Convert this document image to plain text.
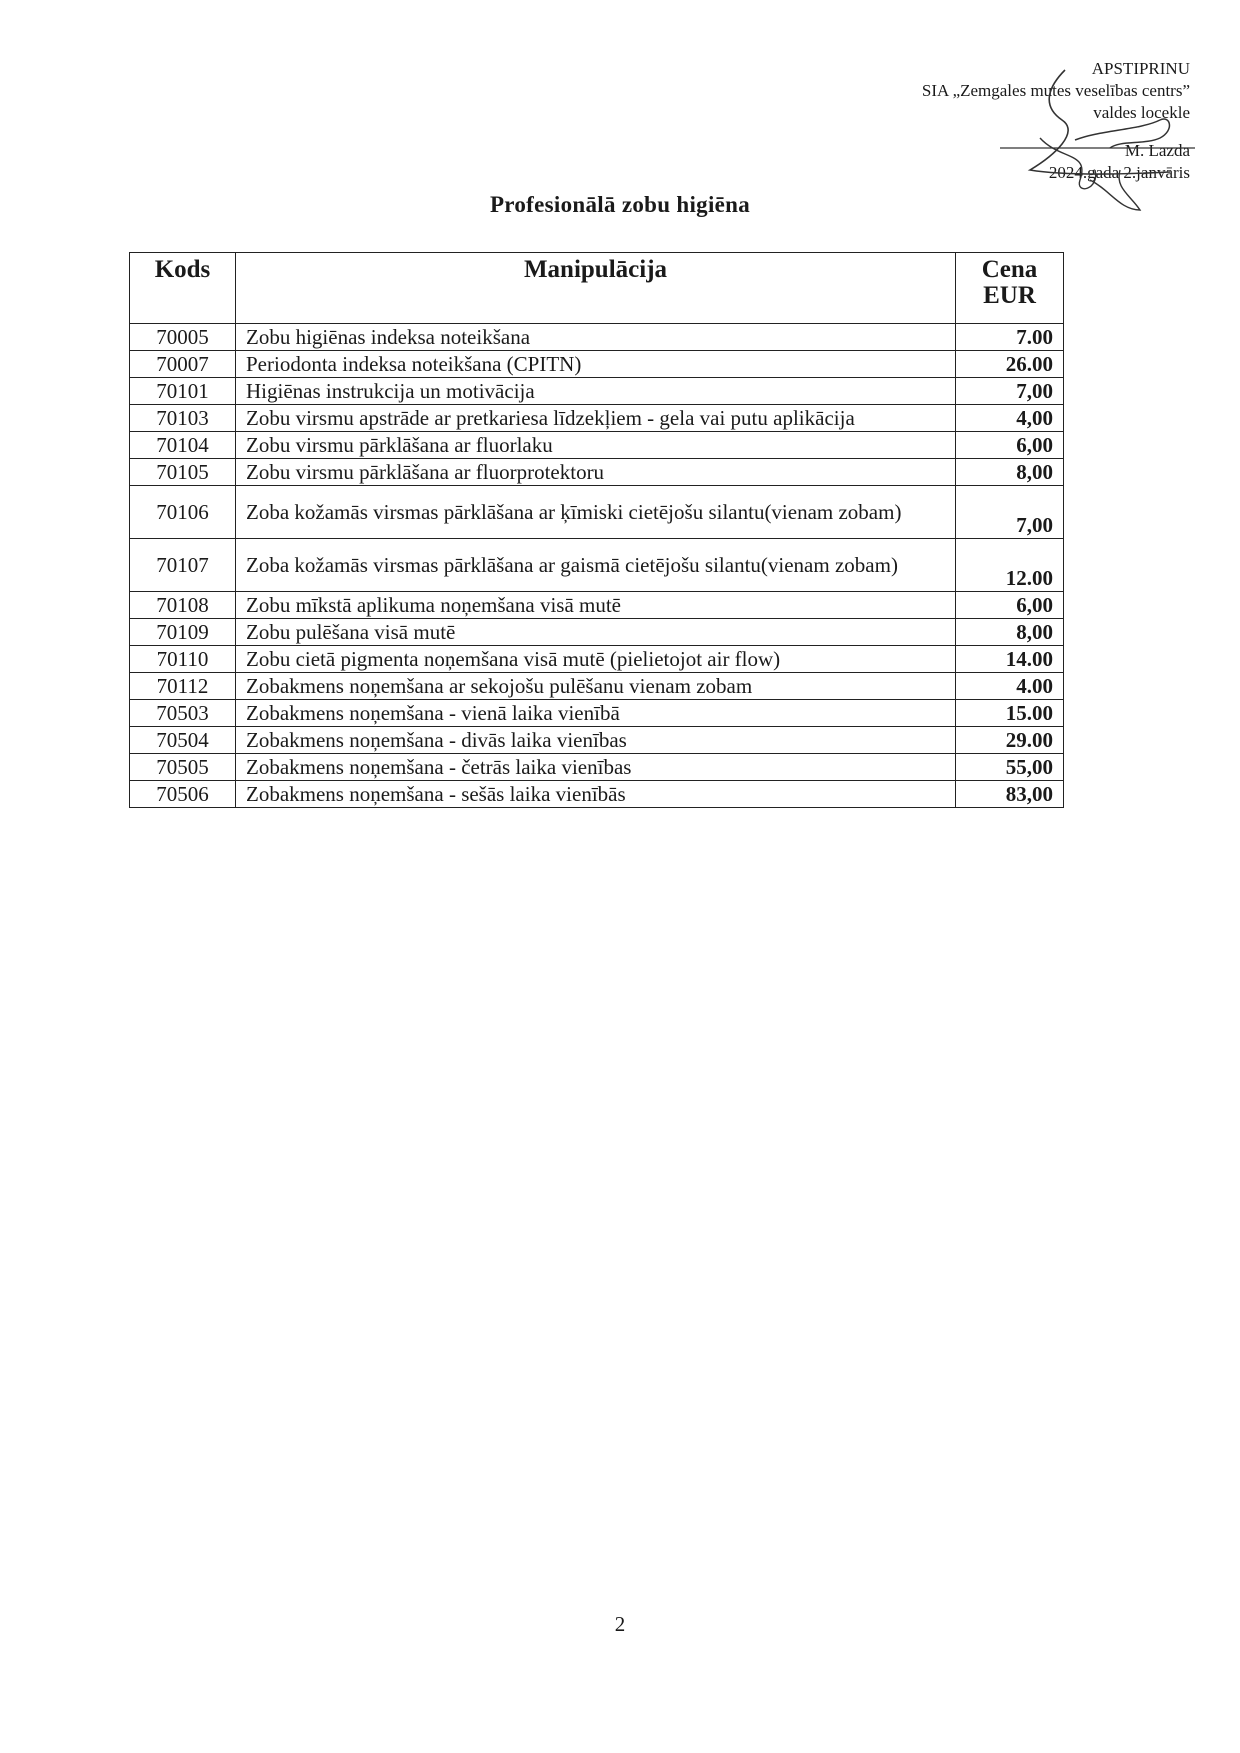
APSTIPRINU
SIA „Zemgales mutes veselības centrs”
valdes locekle
M. Lazda
2024.gada 2.janvāris
Profesionālā zobu higiēna
Kods	Manipulācija	Cena
EUR
70005	Zobu higiēnas indeksa noteikšana	7.00
70007	Periodonta indeksa noteikšana (CPITN)	26.00
70101	Higiēnas instrukcija un motivācija	7,00
70103	Zobu virsmu apstrāde ar pretkariesa līdzekļiem - gela vai putu aplikācija	4,00
70104	Zobu virsmu pārklāšana ar fluorlaku	6,00
70105	Zobu virsmu pārklāšana ar fluorprotektoru	8,00
70106	Zoba kožamās virsmas pārklāšana ar ķīmiski cietējošu silantu(vienam zobam)	7,00
70107	Zoba kožamās virsmas pārklāšana ar gaismā cietējošu silantu(vienam zobam)	12.00
70108	Zobu mīkstā aplikuma noņemšana visā mutē	6,00
70109	Zobu pulēšana visā mutē	8,00
70110	Zobu cietā pigmenta noņemšana visā mutē (pielietojot air flow)	14.00
70112	Zobakmens noņemšana ar sekojošu pulēšanu vienam zobam	4.00
70503	Zobakmens noņemšana - vienā laika vienībā	15.00
70504	Zobakmens noņemšana - divās laika vienības	29.00
70505	Zobakmens noņemšana - četrās laika vienības	55,00
70506	Zobakmens noņemšana - sešās laika vienībās	83,00
2
